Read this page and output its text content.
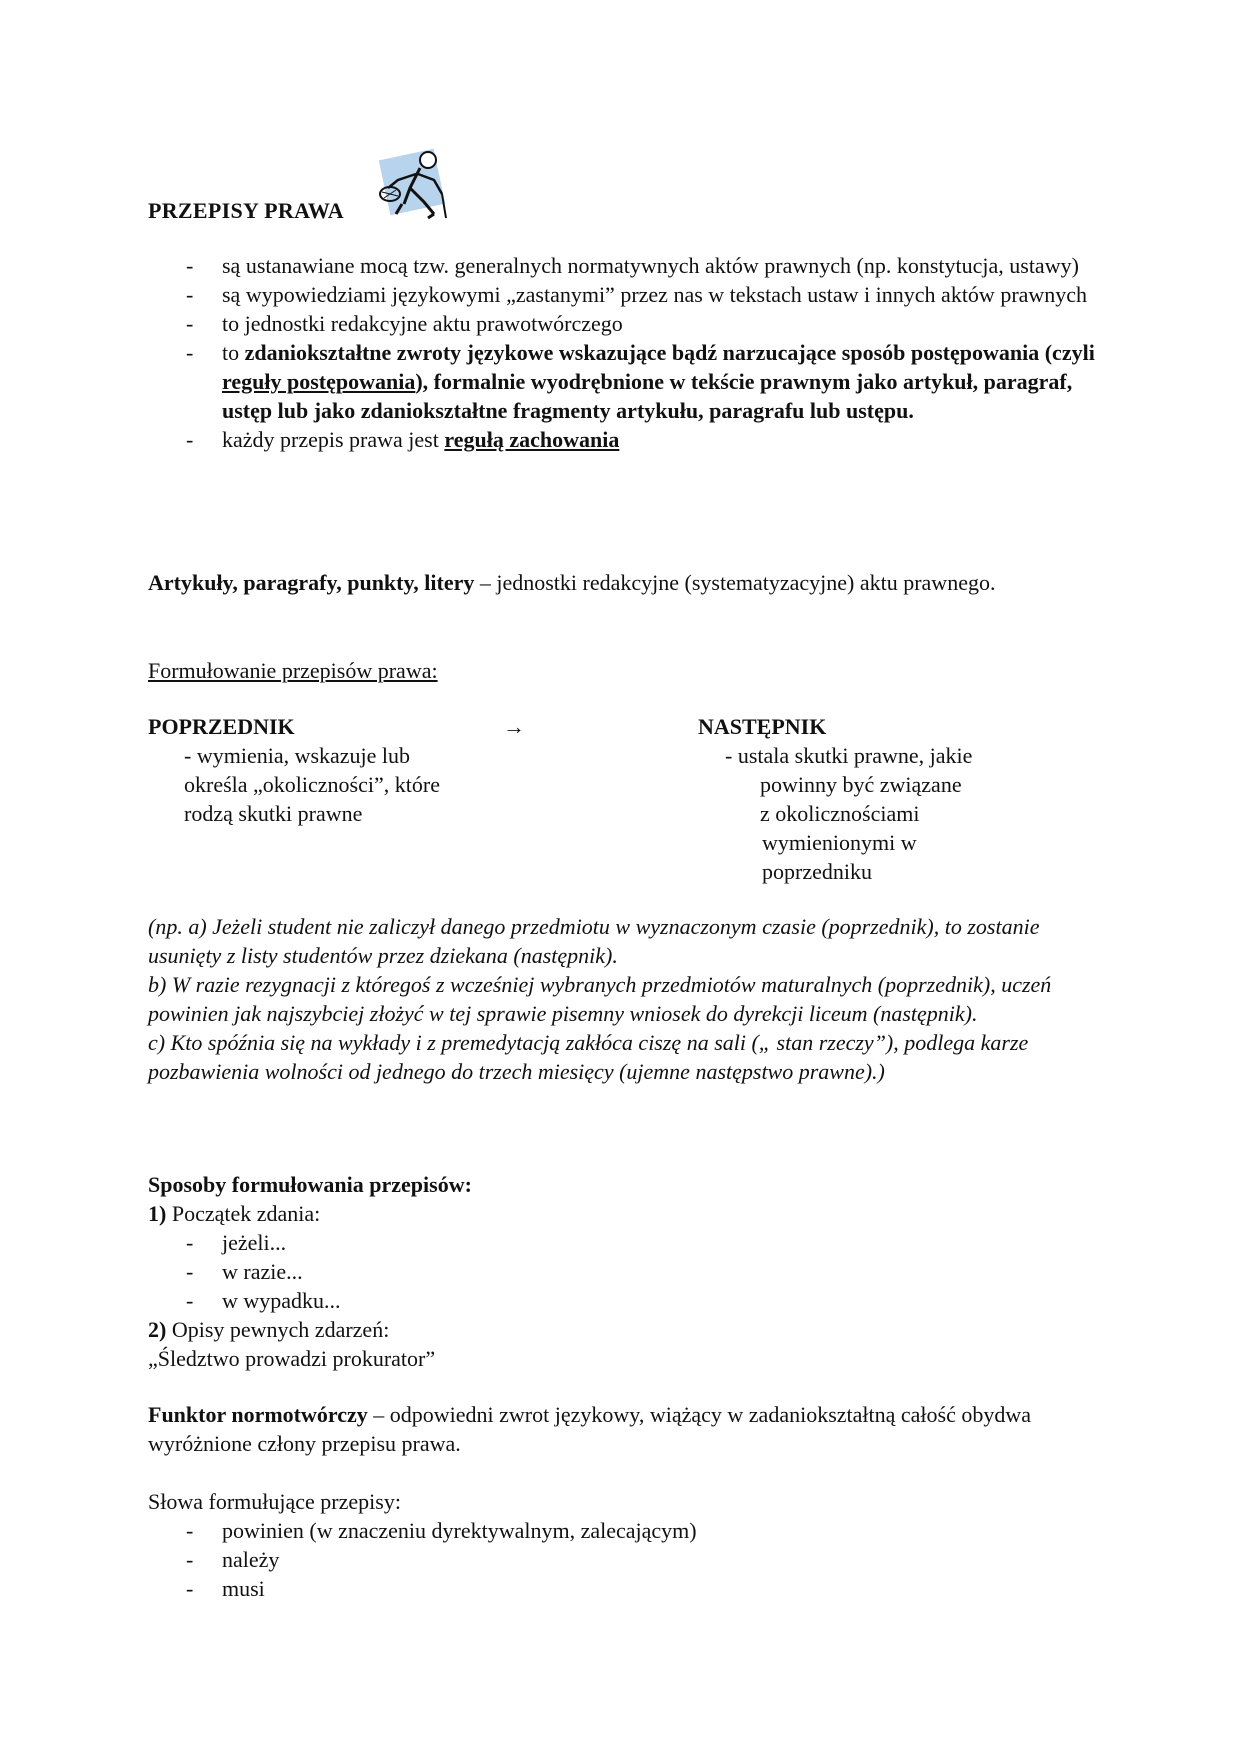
PRZEPISY PRAWA
- są ustanawiane mocą tzw. generalnych normatywnych aktów prawnych (np. konstytucja, ustawy)
- są wypowiedziami językowymi „zastanymi” przez nas w tekstach ustaw i innych aktów prawnych
- to jednostki redakcyjne aktu prawotwórczego
- to zdaniokształtne zwroty językowe wskazujące bądź narzucające sposób postępowania (czyli reguły postępowania), formalnie wyodrębnione w tekście prawnym jako artykuł, paragraf, ustęp lub jako zdaniokształtne fragmenty artykułu, paragrafu lub ustępu.
- każdy przepis prawa jest regułą zachowania
Artykuły, paragrafy, punkty, litery – jednostki redakcyjne (systematyzacyjne) aktu prawnego.
Formułowanie przepisów prawa:
POPRZEDNIK
- wymienia, wskazuje lub
określa „okoliczności”, które
rodzą skutki prawne
→	NASTĘPNIK
- ustala skutki prawne, jakie
powinny być związane
z okolicznościami
wymienionymi w
poprzedniku
(np. a) Jeżeli student nie zaliczył danego przedmiotu w wyznaczonym czasie (poprzednik), to zostanie usunięty z listy studentów przez dziekana (następnik).
b) W razie rezygnacji z któregoś z wcześniej wybranych przedmiotów maturalnych (poprzednik), uczeń powinien jak najszybciej złożyć w tej sprawie pisemny wniosek do dyrekcji liceum (następnik).
c) Kto spóźnia się na wykłady i z premedytacją zakłóca ciszę na sali („ stan rzeczy”), podlega karze pozbawienia wolności od jednego do trzech miesięcy (ujemne następstwo prawne).)
Sposoby formułowania przepisów:
1) Początek zdania:
- jeżeli...
- w razie...
- w wypadku...
2) Opisy pewnych zdarzeń:
„Śledztwo prowadzi prokurator”
Funktor normotwórczy – odpowiedni zwrot językowy, wiążący w zadaniokształtną całość obydwa wyróżnione człony przepisu prawa.
Słowa formułujące przepisy:
- powinien (w znaczeniu dyrektywalnym, zalecającym)
- należy
- musi
